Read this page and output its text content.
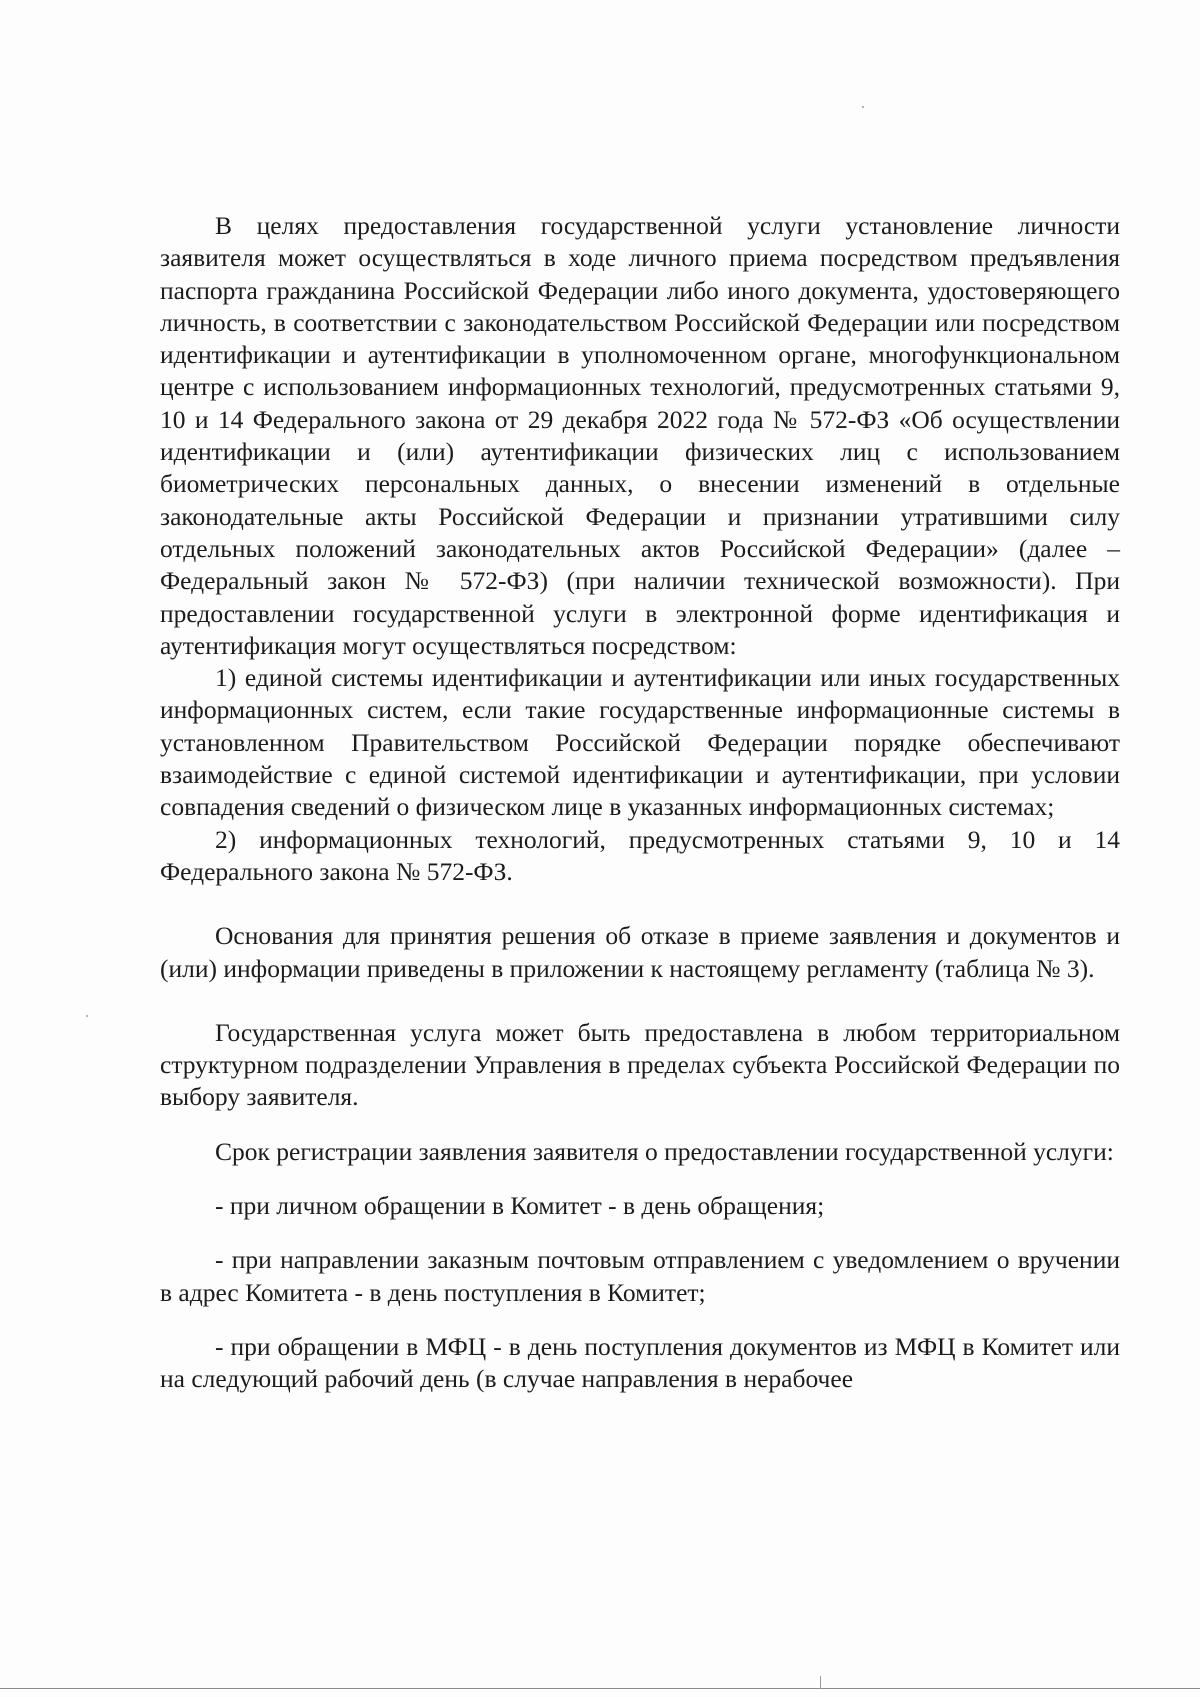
В целях предоставления государственной услуги установление личности заявителя может осуществляться в ходе личного приема посредством предъявления паспорта гражданина Российской Федерации либо иного документа, удостоверяющего личность, в соответствии с законодательством Российской Федерации или посредством идентификации и аутентификации в уполномоченном органе, многофункциональном центре с использованием информационных технологий, предусмотренных статьями 9, 10 и 14 Федерального закона от 29 декабря 2022 года № 572-ФЗ «Об осуществлении идентификации и (или) аутентификации физических лиц с использованием биометрических персональных данных, о внесении изменений в отдельные законодательные акты Российской Федерации и признании утратившими силу отдельных положений законодательных актов Российской Федерации» (далее – Федеральный закон № 572-ФЗ) (при наличии технической возможности). При предоставлении государственной услуги в электронной форме идентификация и аутентификация могут осуществляться посредством:

1) единой системы идентификации и аутентификации или иных государственных информационных систем, если такие государственные информационные системы в установленном Правительством Российской Федерации порядке обеспечивают взаимодействие с единой системой идентификации и аутентификации, при условии совпадения сведений о физическом лице в указанных информационных системах;

2) информационных технологий, предусмотренных статьями 9, 10 и 14 Федерального закона № 572-ФЗ.

Основания для принятия решения об отказе в приеме заявления и документов и (или) информации приведены в приложении к настоящему регламенту (таблица № 3).

Государственная услуга может быть предоставлена в любом территориальном структурном подразделении Управления в пределах субъекта Российской Федерации по выбору заявителя.

Срок регистрации заявления заявителя о предоставлении государственной услуги:

- при личном обращении в Комитет - в день обращения;

- при направлении заказным почтовым отправлением с уведомлением о вручении в адрес Комитета - в день поступления в Комитет;

- при обращении в МФЦ - в день поступления документов из МФЦ в Комитет или на следующий рабочий день (в случае направления в нерабочее
